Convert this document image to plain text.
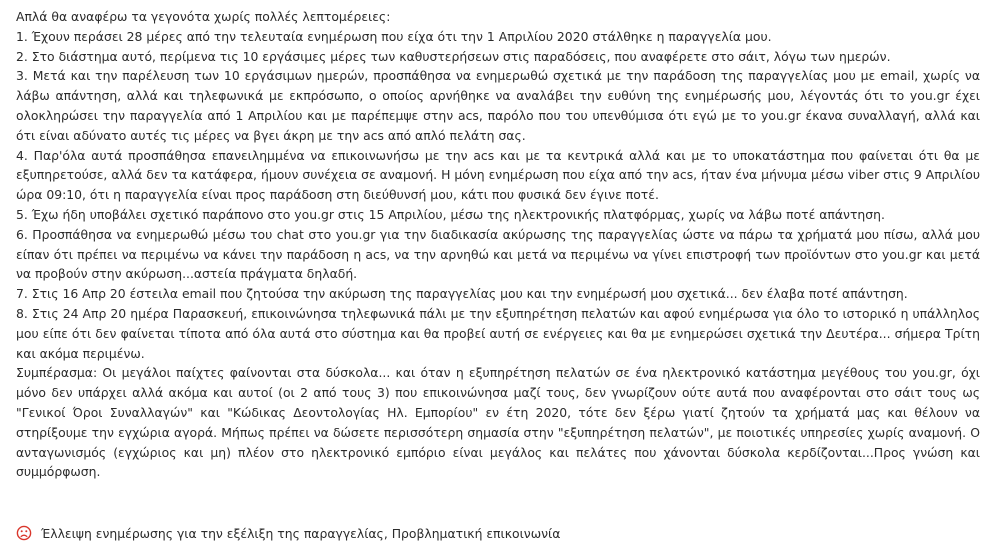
Απλά θα αναφέρω τα γεγονότα χωρίς πολλές λεπτομέρειες:

1. Έχουν περάσει 28 μέρες από την τελευταία ενημέρωση που είχα ότι την 1 Απριλίου 2020 στάλθηκε η παραγγελία μου.

2. Στο διάστημα αυτό, περίμενα τις 10 εργάσιμες μέρες των καθυστερήσεων στις παραδόσεις, που αναφέρετε στο σάιτ, λόγω των ημερών.

3. Μετά και την παρέλευση των 10 εργάσιμων ημερών, προσπάθησα να ενημερωθώ σχετικά με την παράδοση της παραγγελίας μου με email, χωρίς να λάβω απάντηση, αλλά και τηλεφωνικά με εκπρόσωπο, ο οποίος αρνήθηκε να αναλάβει την ευθύνη της ενημέρωσής μου, λέγοντάς ότι το you.gr έχει ολοκληρώσει την παραγγελία από 1 Απριλίου και με παρέπεμψε στην acs, παρόλο που του υπενθύμισα ότι εγώ με το you.gr έκανα συναλλαγή, αλλά και ότι είναι αδύνατο αυτές τις μέρες να βγει άκρη με την acs από απλό πελάτη σας.

4. Παρ'όλα αυτά προσπάθησα επανειλημμένα να επικοινωνήσω με την acs και με τα κεντρικά αλλά και με το υποκατάστημα που φαίνεται ότι θα με εξυπηρετούσε, αλλά δεν τα κατάφερα, ήμουν συνέχεια σε αναμονή. Η μόνη ενημέρωση που είχα από την acs, ήταν ένα μήνυμα μέσω viber στις 9 Απριλίου ώρα 09:10, ότι η παραγγελία είναι προς παράδοση στη διεύθυνσή μου, κάτι που φυσικά δεν έγινε ποτέ.

5. Έχω ήδη υποβάλει σχετικό παράπονο στο you.gr στις 15 Απριλίου, μέσω της ηλεκτρονικής πλατφόρμας, χωρίς να λάβω ποτέ απάντηση.

6. Προσπάθησα να ενημερωθώ μέσω του chat στο you.gr για την διαδικασία ακύρωσης της παραγγελίας ώστε να πάρω τα χρήματά μου πίσω, αλλά μου είπαν ότι πρέπει να περιμένω να κάνει την παράδοση η acs, να την αρνηθώ και μετά να περιμένω να γίνει επιστροφή των προϊόντων στο you.gr και μετά να προβούν στην ακύρωση...αστεία πράγματα δηλαδή.

7. Στις 16 Απρ 20 έστειλα email που ζητούσα την ακύρωση της παραγγελίας μου και την ενημέρωσή μου σχετικά... δεν έλαβα ποτέ απάντηση.

8. Στις 24 Απρ 20 ημέρα Παρασκευή, επικοινώνησα τηλεφωνικά πάλι με την εξυπηρέτηση πελατών και αφού ενημέρωσα για όλο το ιστορικό η υπάλληλος μου είπε ότι δεν φαίνεται τίποτα από όλα αυτά στο σύστημα και θα προβεί αυτή σε ενέργειες και θα με ενημερώσει σχετικά την Δευτέρα... σήμερα Τρίτη και ακόμα περιμένω.

Συμπέρασμα: Οι μεγάλοι παίχτες φαίνονται στα δύσκολα... και όταν η εξυπηρέτηση πελατών σε ένα ηλεκτρονικό κατάστημα μεγέθους του you.gr, όχι μόνο δεν υπάρχει αλλά ακόμα και αυτοί (οι 2 από τους 3) που επικοινώνησα μαζί τους, δεν γνωρίζουν ούτε αυτά που αναφέρονται στο σάιτ τους ως "Γενικοί Όροι Συναλλαγών" και "Κώδικας Δεοντολογίας Ηλ. Εμπορίου" εν έτη 2020, τότε δεν ξέρω γιατί ζητούν τα χρήματά μας και θέλουν να στηρίξουμε την εγχώρια αγορά. Μήπως πρέπει να δώσετε περισσότερη σημασία στην "εξυπηρέτηση πελατών", με ποιοτικές υπηρεσίες χωρίς αναμονή. Ο ανταγωνισμός (εγχώριος και μη) πλέον στο ηλεκτρονικό εμπόριο είναι μεγάλος και πελάτες που χάνονται δύσκολα κερδίζονται...Προς γνώση και συμμόρφωση.

Έλλειψη ενημέρωσης για την εξέλιξη της παραγγελίας, Προβληματική επικοινωνία
